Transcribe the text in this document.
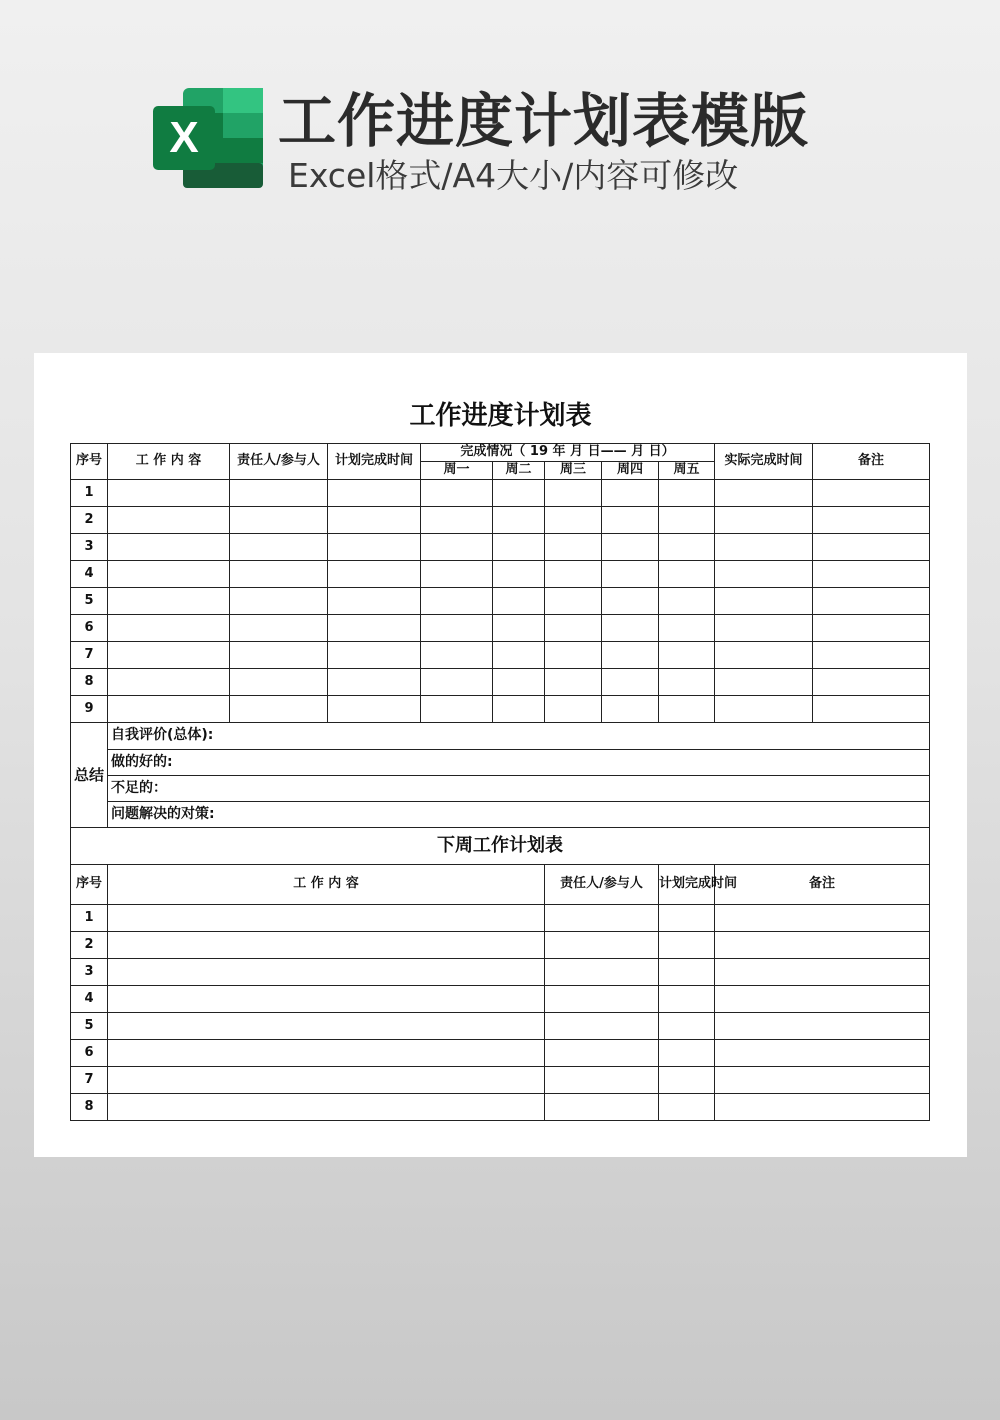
X 工作进度计划表模版
Excel格式/A4大小/内容可修改
工作进度计划表
序号	工 作 内 容	责任人/参与人	计划完成时间	完成情况（ 19 年 月 日—— 月 日）					实际完成时间	备注
				周一	周二	周三	周四	周五		
1										
2										
3										
4										
5										
6										
7										
8										
9										
总结	自我评价(总体):									
	做的好的:									
	不足的：									
	问题解决的对策:									
下周工作计划表										
序号	工 作 内 容					责任人/参与人		计划完成时间	备注	
1										
2										
3										
4										
5										
6										
7										
8										
